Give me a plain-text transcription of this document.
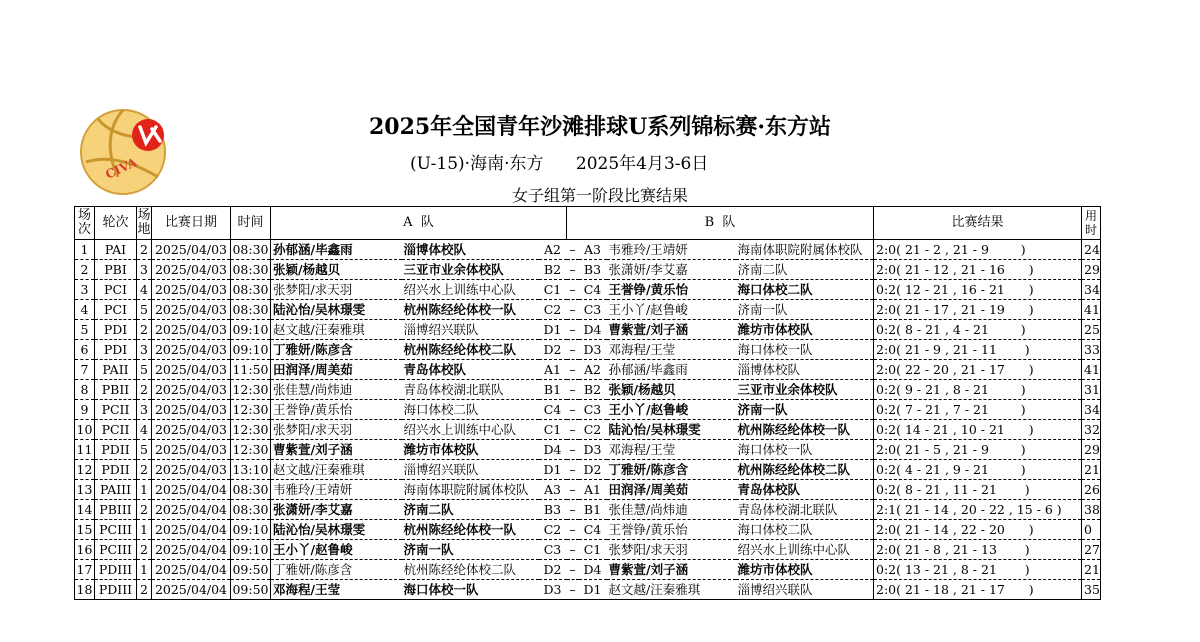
CIVA
2025年全国青年沙滩排球U系列锦标赛·东方站
(U-15)·海南·东方      2025年4月3-6日
女子组第一阶段比赛结果
场次	轮次	场地	比赛日期	时间	A  队			B  队				比赛结果	用时
1	PAI	2	2025/04/03	08:30	孙郁涵/毕鑫雨	淄博体校队	A2	–	A3	韦雅玲/王靖妍	海南体职院附属体校队	2:0( 21 - 2 , 21 - 9        )	24
2	PBI	3	2025/04/03	08:30	张颖/杨越贝	三亚市业余体校队	B2	–	B3	张潇妍/李艾嘉	济南二队	2:0( 21 - 12 , 21 - 16      )	29
3	PCI	4	2025/04/03	08:30	张梦阳/求天羽	绍兴水上训练中心队	C1	–	C4	王誉铮/黄乐怡	海口体校二队	0:2( 12 - 21 , 16 - 21      )	34
4	PCI	5	2025/04/03	08:30	陆沁怡/吴林璟雯	杭州陈经纶体校一队	C2	–	C3	王小丫/赵鲁峻	济南一队	2:0( 21 - 17 , 21 - 19      )	41
5	PDI	2	2025/04/03	09:10	赵文越/汪秦雅琪	淄博绍兴联队	D1	–	D4	曹紫萱/刘子涵	潍坊市体校队	0:2( 8 - 21 , 4 - 21        )	25
6	PDI	3	2025/04/03	09:10	丁雅妍/陈彦含	杭州陈经纶体校二队	D2	–	D3	邓海程/王莹	海口体校一队	2:0( 21 - 9 , 21 - 11       )	33
7	PAII	5	2025/04/03	11:50	田润泽/周美茹	青岛体校队	A1	–	A2	孙郁涵/毕鑫雨	淄博体校队	2:0( 22 - 20 , 21 - 17      )	41
8	PBII	2	2025/04/03	12:30	张佳慧/尚炜迪	青岛体校湖北联队	B1	–	B2	张颖/杨越贝	三亚市业余体校队	0:2( 9 - 21 , 8 - 21        )	31
9	PCII	3	2025/04/03	12:30	王誉铮/黄乐怡	海口体校二队	C4	–	C3	王小丫/赵鲁峻	济南一队	0:2( 7 - 21 , 7 - 21        )	34
10	PCII	4	2025/04/03	12:30	张梦阳/求天羽	绍兴水上训练中心队	C1	–	C2	陆沁怡/吴林璟雯	杭州陈经纶体校一队	0:2( 14 - 21 , 10 - 21      )	32
11	PDII	5	2025/04/03	12:30	曹紫萱/刘子涵	潍坊市体校队	D4	–	D3	邓海程/王莹	海口体校一队	2:0( 21 - 5 , 21 - 9        )	29
12	PDII	2	2025/04/03	13:10	赵文越/汪秦雅琪	淄博绍兴联队	D1	–	D2	丁雅妍/陈彦含	杭州陈经纶体校二队	0:2( 4 - 21 , 9 - 21        )	21
13	PAIII	1	2025/04/04	08:30	韦雅玲/王靖妍	海南体职院附属体校队	A3	–	A1	田润泽/周美茹	青岛体校队	0:2( 8 - 21 , 11 - 21       )	26
14	PBIII	2	2025/04/04	08:30	张潇妍/李艾嘉	济南二队	B3	–	B1	张佳慧/尚炜迪	青岛体校湖北联队	2:1( 21 - 14 , 20 - 22 , 15 - 6 )	38
15	PCIII	1	2025/04/04	09:10	陆沁怡/吴林璟雯	杭州陈经纶体校一队	C2	–	C4	王誉铮/黄乐怡	海口体校二队	2:0( 21 - 14 , 22 - 20      )	0
16	PCIII	2	2025/04/04	09:10	王小丫/赵鲁峻	济南一队	C3	–	C1	张梦阳/求天羽	绍兴水上训练中心队	2:0( 21 - 8 , 21 - 13       )	27
17	PDIII	1	2025/04/04	09:50	丁雅妍/陈彦含	杭州陈经纶体校二队	D2	–	D4	曹紫萱/刘子涵	潍坊市体校队	0:2( 13 - 21 , 8 - 21       )	21
18	PDIII	2	2025/04/04	09:50	邓海程/王莹	海口体校一队	D3	–	D1	赵文越/汪秦雅琪	淄博绍兴联队	2:0( 21 - 18 , 21 - 17      )	35
